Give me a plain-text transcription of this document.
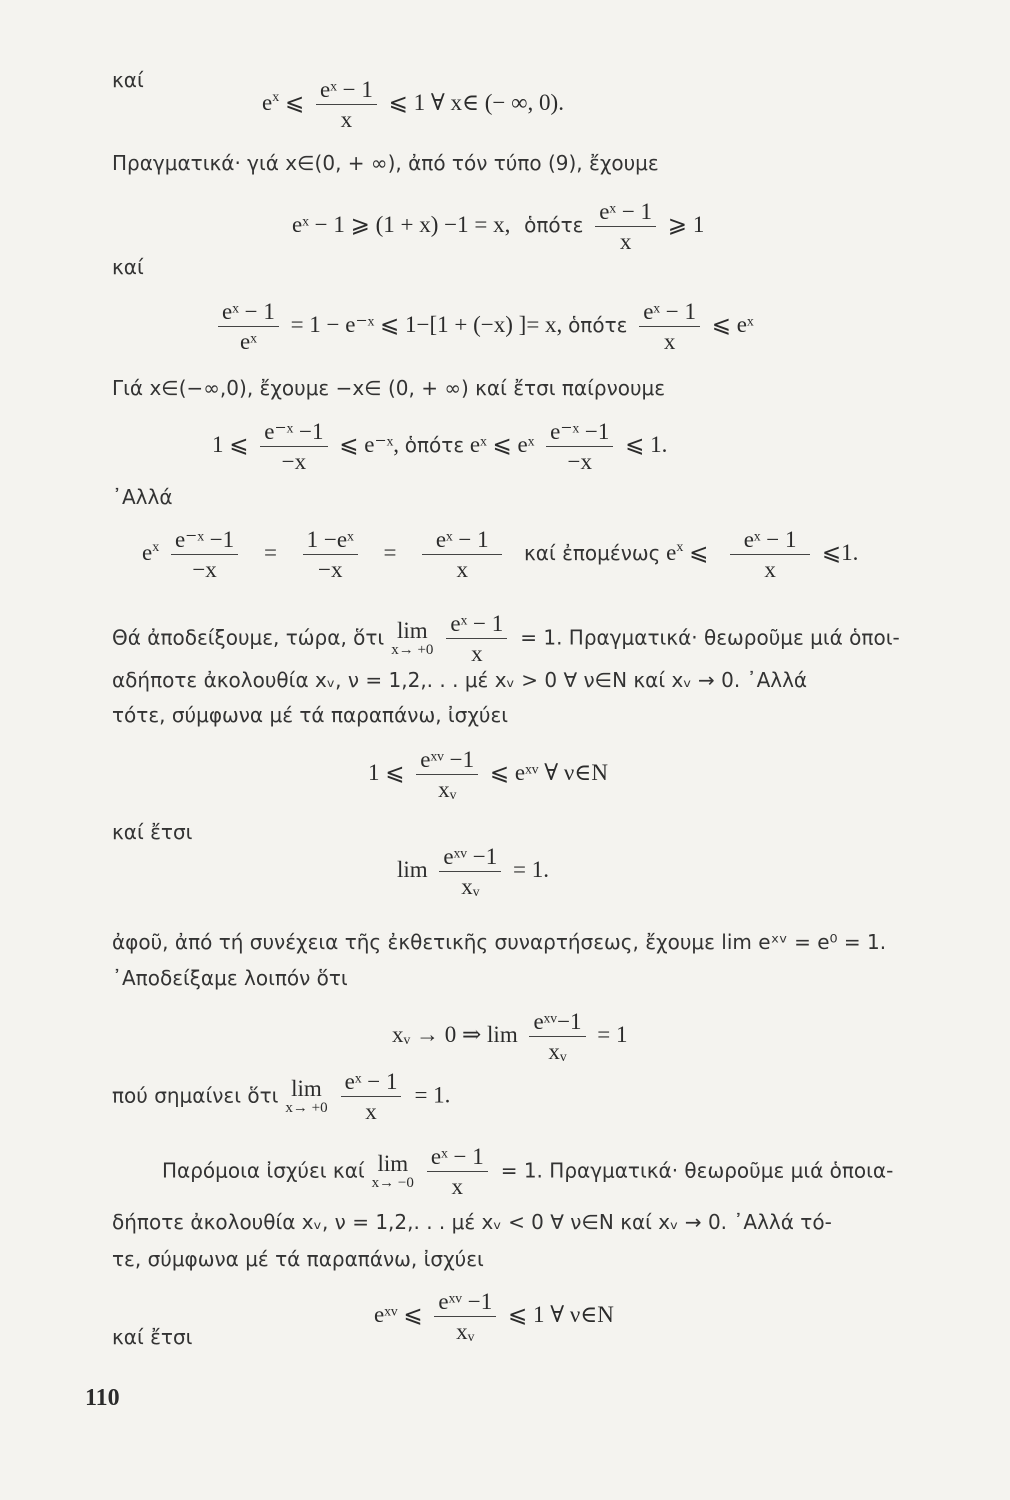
καί
$e^x$ ⩽ $\frac{\text{eˣ − 1}}{x}$ ⩽ 1 ∀ x∈ (− ∞, 0).
Πραγματικά· γιά x∈(0, + ∞), ἀπό τόν τύπο (9), ἔχουμε
eˣ − 1 ⩾ (1 + x) −1 = x, ὁπότε $\frac{\text{eˣ − 1}}{x}$ ⩾ 1
καί
$\frac{\text{eˣ − 1}}{\text{eˣ}} = 1$ − e⁻ˣ ⩽ 1−[1 + (−x) ]= x, ὁπότε $\frac{\text{eˣ − 1}}{x}$ ⩽ eˣ
Γιά x∈(−∞,0), ἔχουμε −x∈ (0, + ∞) καί ἔτσι παίρνουμε
1 ⩽ $\frac{\text{e⁻ˣ −1}}{-x}$ ⩽ e⁻ˣ, ὁπότε eˣ ⩽ eˣ $\frac{\text{e⁻ˣ −1}}{-x}$ ⩽ 1.
᾿Αλλά
$e^x \frac{\text{e⁻ˣ −1}}{-x} = \frac{\text{1 −eˣ}}{-x} = \frac{\text{eˣ − 1}}{x}$ καί ἐπομένως $e^x$ ⩽ $\frac{\text{eˣ − 1}}{x}$ ⩽1.
Θά ἀποδείξουμε, τώρα, ὅτι lim
x→ +0
$\frac{\text{eˣ − 1}}{x} = 1$. Πραγματικά· θεωροῦμε μιά ὁποι-
αδήποτε ἀκολουθία xᵥ, ν = 1,2,. . . μέ xᵥ > 0 ∀ ν∈N καί xᵥ → 0. ᾿Αλλά
τότε, σύμφωνα μέ τά παραπάνω, ἰσχύει
1 ⩽ $\frac{\text{eˣᵛ −1}}{\text{xᵥ}}$ ⩽ eˣᵛ ∀ ν∈N
καί ἔτσι
$\lim \frac{\text{eˣᵛ −1}}{\text{xᵥ}} = 1$.
ἀφοῦ, ἀπό τή συνέχεια τῆς ἐκθετικῆς συναρτήσεως, ἔχουμε lim eˣᵛ = e⁰ = 1.
᾿Αποδείξαμε λοιπόν ὅτι
xᵥ → 0 ⇒ $\lim \frac{\text{eˣᵛ−1}}{\text{xᵥ}} = 1$
πού σημαίνει ὅτι lim
x→ +0
$\frac{\text{eˣ − 1}}{x} = 1$.
Παρόμοια ἰσχύει καί lim
x→ −0
$\frac{\text{eˣ − 1}}{x} = 1$. Πραγματικά· θεωροῦμε μιά ὁποια-
δήποτε ἀκολουθία xᵥ, ν = 1,2,. . . μέ xᵥ < 0 ∀ ν∈N καί xᵥ → 0. ᾿Αλλά τό-
τε, σύμφωνα μέ τά παραπάνω, ἰσχύει
eˣᵛ ⩽ $\frac{\text{eˣᵛ −1}}{\text{xᵥ}}$ ⩽ 1 ∀ ν∈N
καί ἔτσι
110
